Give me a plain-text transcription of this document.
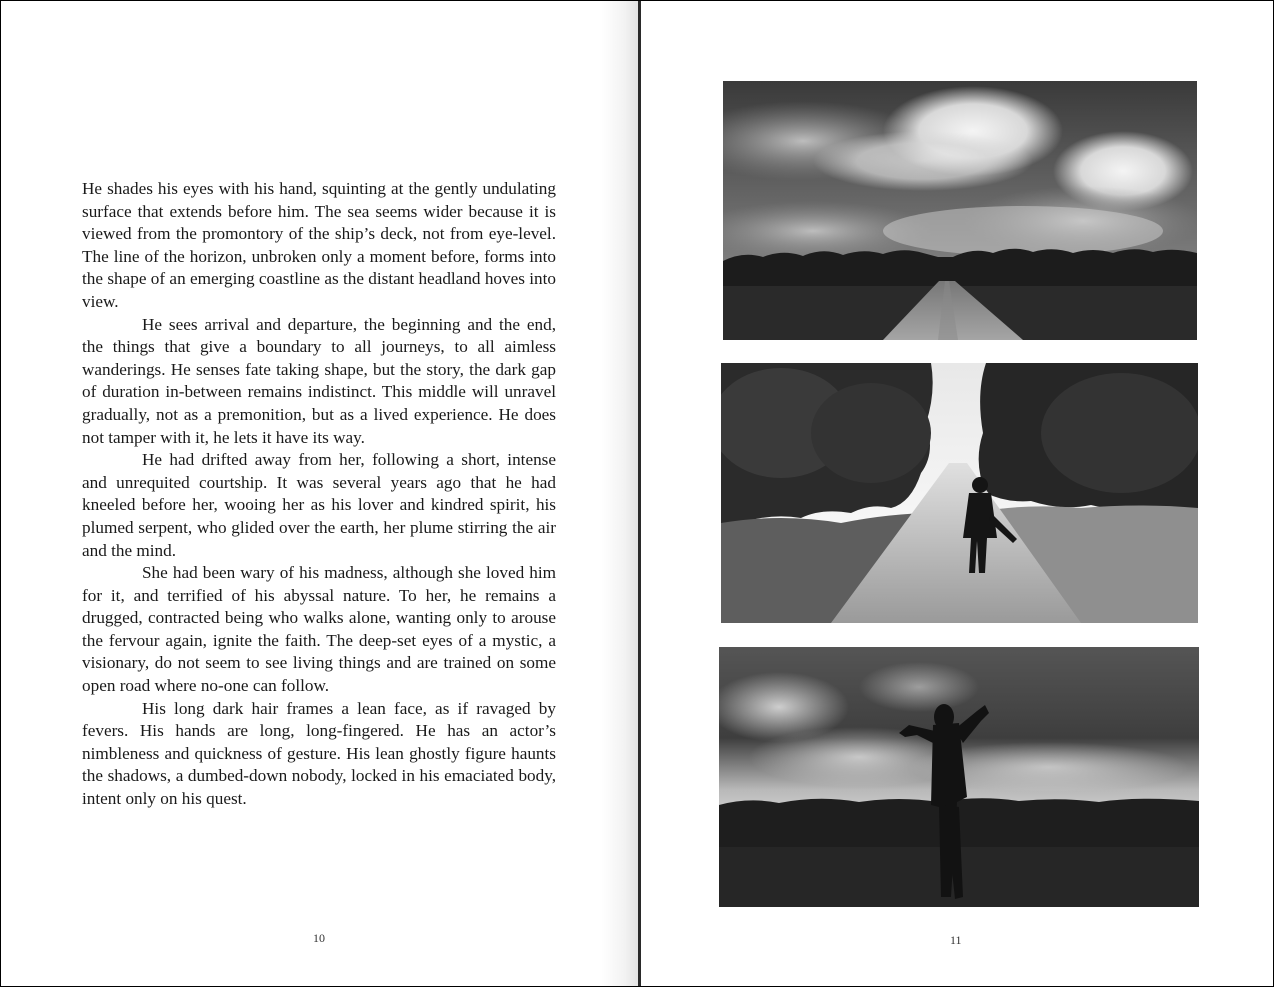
He shades his eyes with his hand, squinting at the gently undulating surface that extends before him. The sea seems wider because it is viewed from the promontory of the ship’s deck, not from eye-level. The line of the horizon, unbroken only a moment before, forms into the shape of an emerging coastline as the distant headland hoves into view.

He sees arrival and departure, the beginning and the end, the things that give a boundary to all journeys, to all aimless wanderings. He senses fate taking shape, but the story, the dark gap of duration in-between remains indistinct. This middle will unravel gradually, not as a premonition, but as a lived experience. He does not tamper with it, he lets it have its way.

He had drifted away from her, following a short, intense and unrequited courtship. It was several years ago that he had kneeled before her, wooing her as his lover and kindred spirit, his plumed serpent, who glided over the earth, her plume stirring the air and the mind.

She had been wary of his madness, although she loved him for it, and terrified of his abyssal nature. To her, he remains a drugged, contracted being who walks alone, wanting only to arouse the fervour again, ignite the faith. The deep-set eyes of a mystic, a visionary, do not seem to see living things and are trained on some open road where no-one can follow.

His long dark hair frames a lean face, as if ravaged by fevers. His hands are long, long-fingered. He has an actor’s nimbleness and quickness of gesture. His lean ghostly figure haunts the shadows, a dumbed-down nobody, locked in his emaciated body, intent only on his quest.

10	11
